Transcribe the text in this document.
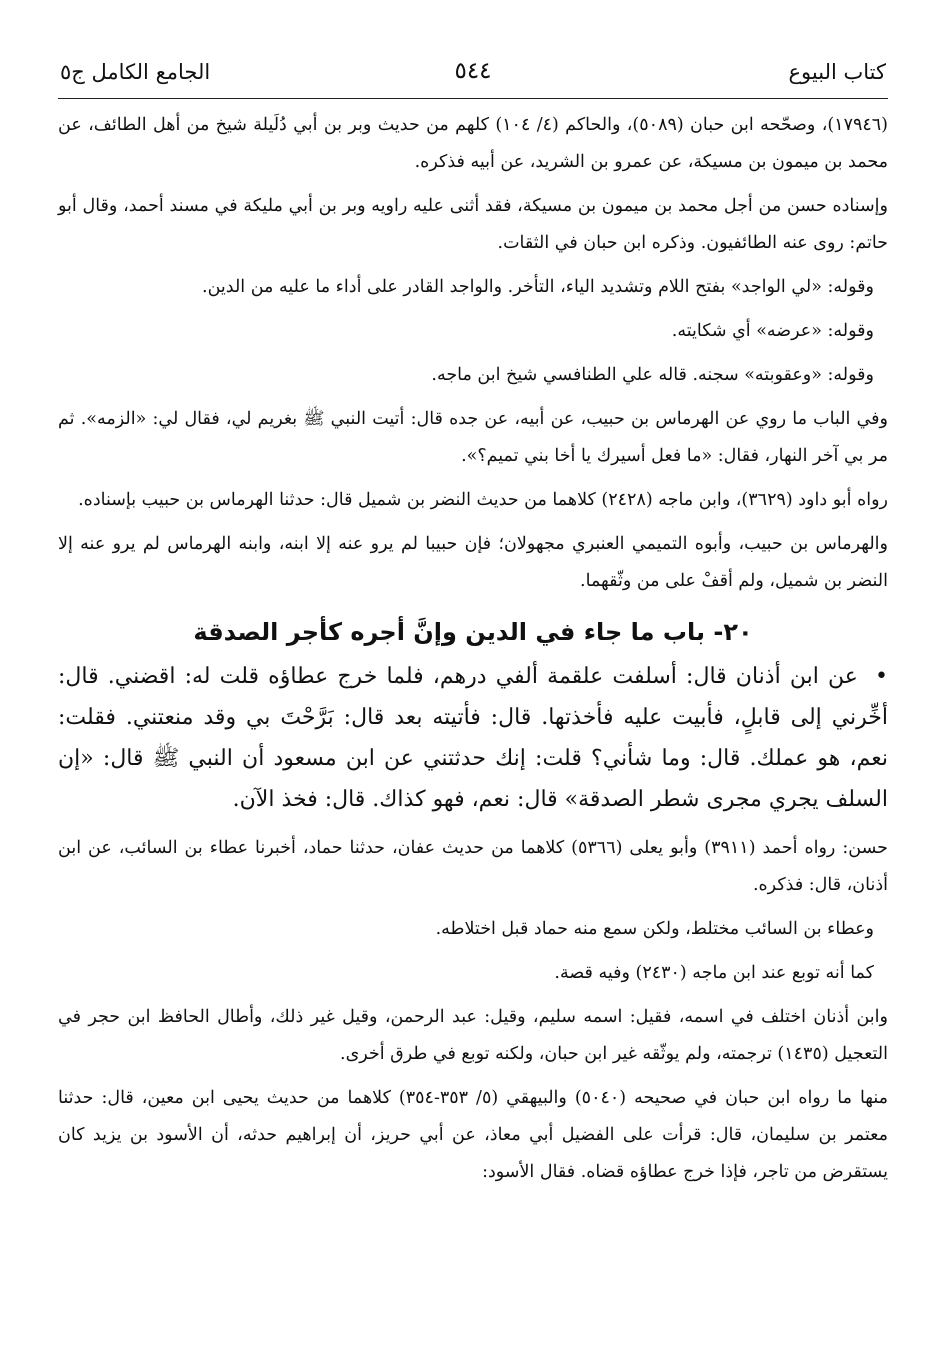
كتاب البيوع
٥٤٤
الجامع الكامل ج٥

(١٧٩٤٦)، وصحّحه ابن حبان (٥٠٨٩)، والحاكم (٤/ ١٠٤) كلهم من حديث وبر بن أبي دُلَيلة شيخ من أهل الطائف، عن محمد بن ميمون بن مسيكة، عن عمرو بن الشريد، عن أبيه فذكره.

وإسناده حسن من أجل محمد بن ميمون بن مسيكة، فقد أثنى عليه راويه وبر بن أبي مليكة في مسند أحمد، وقال أبو حاتم: روى عنه الطائفيون. وذكره ابن حبان في الثقات.

وقوله: «لي الواجد» بفتح اللام وتشديد الياء، التأخر. والواجد القادر على أداء ما عليه من الدين.

وقوله: «عرضه» أي شكايته.

وقوله: «وعقوبته» سجنه. قاله علي الطنافسي شيخ ابن ماجه.

وفي الباب ما روي عن الهرماس بن حبيب، عن أبيه، عن جده قال: أتيت النبي ﷺ بغريم لي، فقال لي: «الزمه». ثم مر بي آخر النهار، فقال: «ما فعل أسيرك يا أخا بني تميم؟».

رواه أبو داود (٣٦٢٩)، وابن ماجه (٢٤٢٨) كلاهما من حديث النضر بن شميل قال: حدثنا الهرماس بن حبيب بإسناده.

والهرماس بن حبيب، وأبوه التميمي العنبري مجهولان؛ فإن حبيبا لم يرو عنه إلا ابنه، وابنه الهرماس لم يرو عنه إلا النضر بن شميل، ولم أقفْ على من وثّقهما.

٢٠- باب ما جاء في الدين وإنَّ أجره كأجر الصدقة

• عن ابن أذنان قال: أسلفت علقمة ألفي درهم، فلما خرج عطاؤه قلت له: اقضني. قال: أخِّرني إلى قابلٍ، فأبيت عليه فأخذتها. قال: فأتيته بعد قال: بَرَّحْتَ بي وقد منعتني. فقلت: نعم، هو عملك. قال: وما شأني؟ قلت: إنك حدثتني عن ابن مسعود أن النبي ﷺ قال: «إن السلف يجري مجرى شطر الصدقة» قال: نعم، فهو كذاك. قال: فخذ الآن.

حسن: رواه أحمد (٣٩١١) وأبو يعلى (٥٣٦٦) كلاهما من حديث عفان، حدثنا حماد، أخبرنا عطاء بن السائب، عن ابن أذنان، قال: فذكره.

وعطاء بن السائب مختلط، ولكن سمع منه حماد قبل اختلاطه.

كما أنه توبع عند ابن ماجه (٢٤٣٠) وفيه قصة.

وابن أذنان اختلف في اسمه، فقيل: اسمه سليم، وقيل: عبد الرحمن، وقيل غير ذلك، وأطال الحافظ ابن حجر في التعجيل (١٤٣٥) ترجمته، ولم يوثّقه غير ابن حبان، ولكنه توبع في طرق أخرى.

منها ما رواه ابن حبان في صحيحه (٥٠٤٠) والبيهقي (٥/ ٣٥٣-٣٥٤) كلاهما من حديث يحيى ابن معين، قال: حدثنا معتمر بن سليمان، قال: قرأت على الفضيل أبي معاذ، عن أبي حريز، أن إبراهيم حدثه، أن الأسود بن يزيد كان يستقرض من تاجر، فإذا خرج عطاؤه قضاه. فقال الأسود:
